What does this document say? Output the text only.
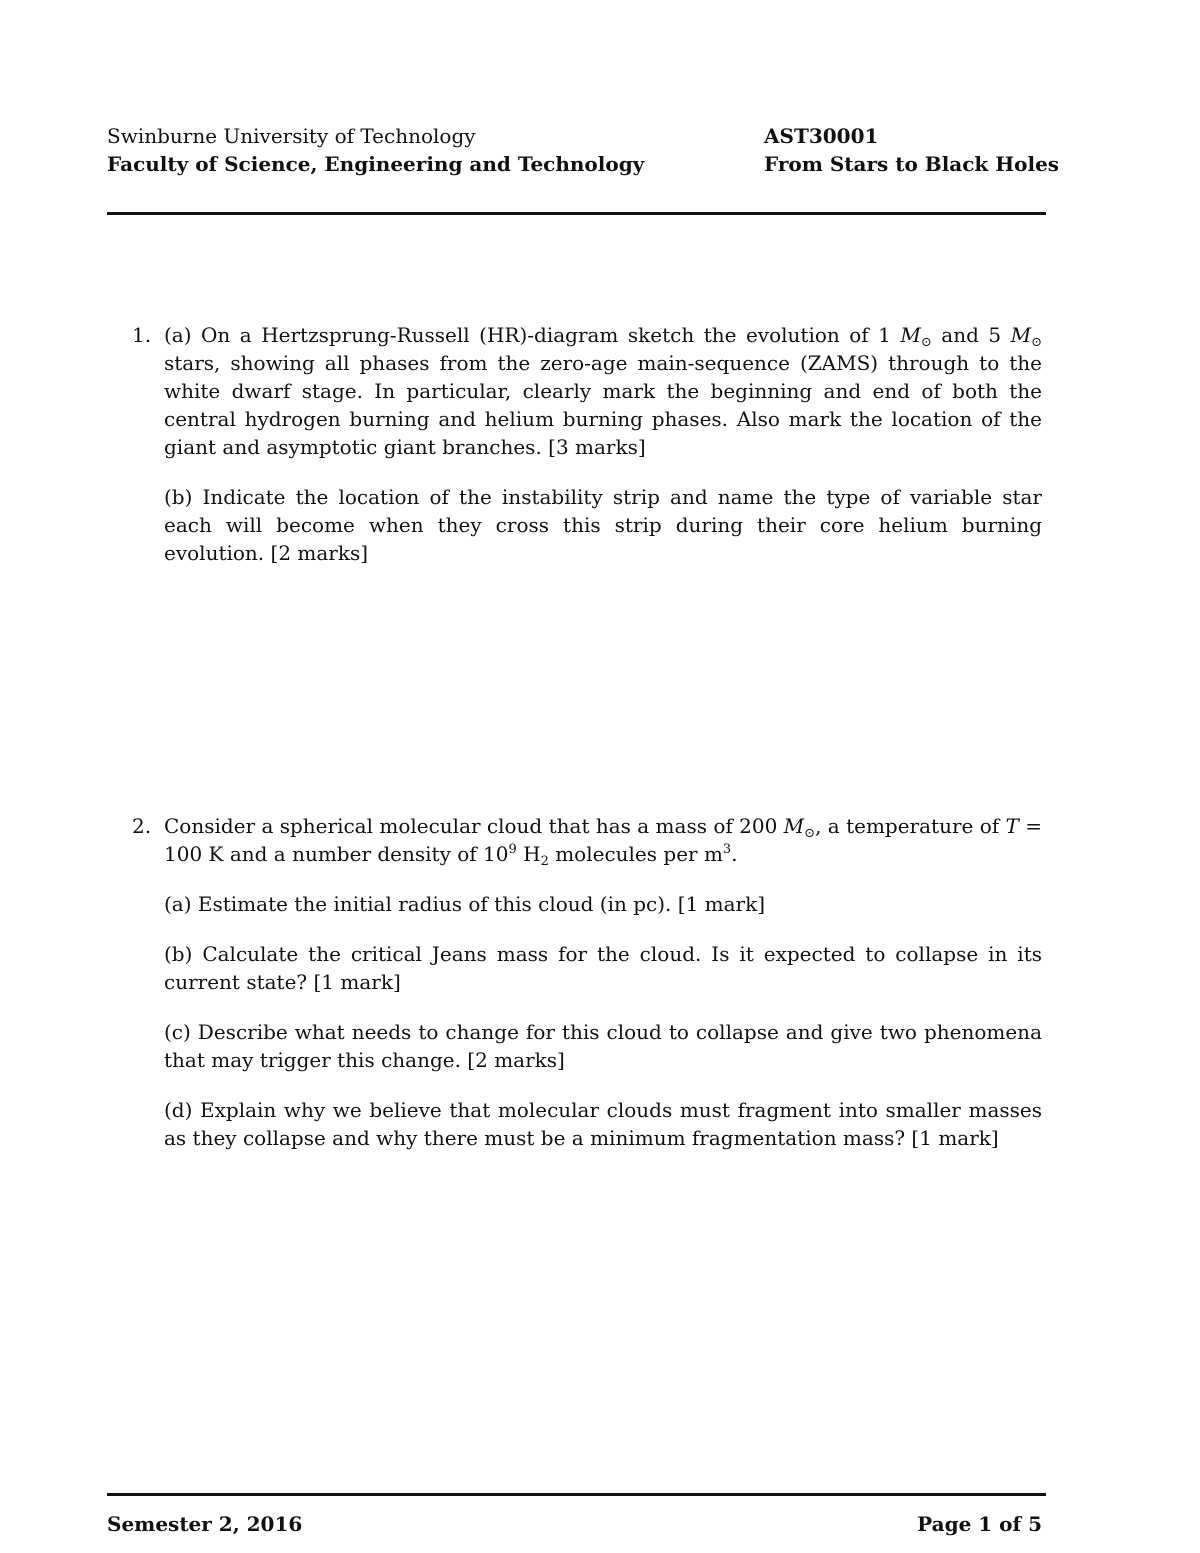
Swinburne University of Technology
Faculty of Science, Engineering and Technology
AST30001
From Stars to Black Holes
1. (a) On a Hertzsprung-Russell (HR)-diagram sketch the evolution of 1 $M_⊙$ and 5 $M_⊙$ stars, showing all phases from the zero-age main-sequence (ZAMS) through to the white dwarf stage. In particular, clearly mark the beginning and end of both the central hydrogen burning and helium burning phases. Also mark the location of the giant and asymptotic giant branches. [3 marks]

(b) Indicate the location of the instability strip and name the type of variable star each will become when they cross this strip during their core helium burning evolution. [2 marks]

2. Consider a spherical molecular cloud that has a mass of 200 $M_⊙$, a temperature of T = 100 K and a number density of $10^9$ $H_2$ molecules per $m^3$.

(a) Estimate the initial radius of this cloud (in pc). [1 mark]

(b) Calculate the critical Jeans mass for the cloud. Is it expected to collapse in its current state? [1 mark]

(c) Describe what needs to change for this cloud to collapse and give two phenomena that may trigger this change. [2 marks]

(d) Explain why we believe that molecular clouds must fragment into smaller masses as they collapse and why there must be a minimum fragmentation mass? [1 mark]

Semester 2, 2016	Page 1 of 5
